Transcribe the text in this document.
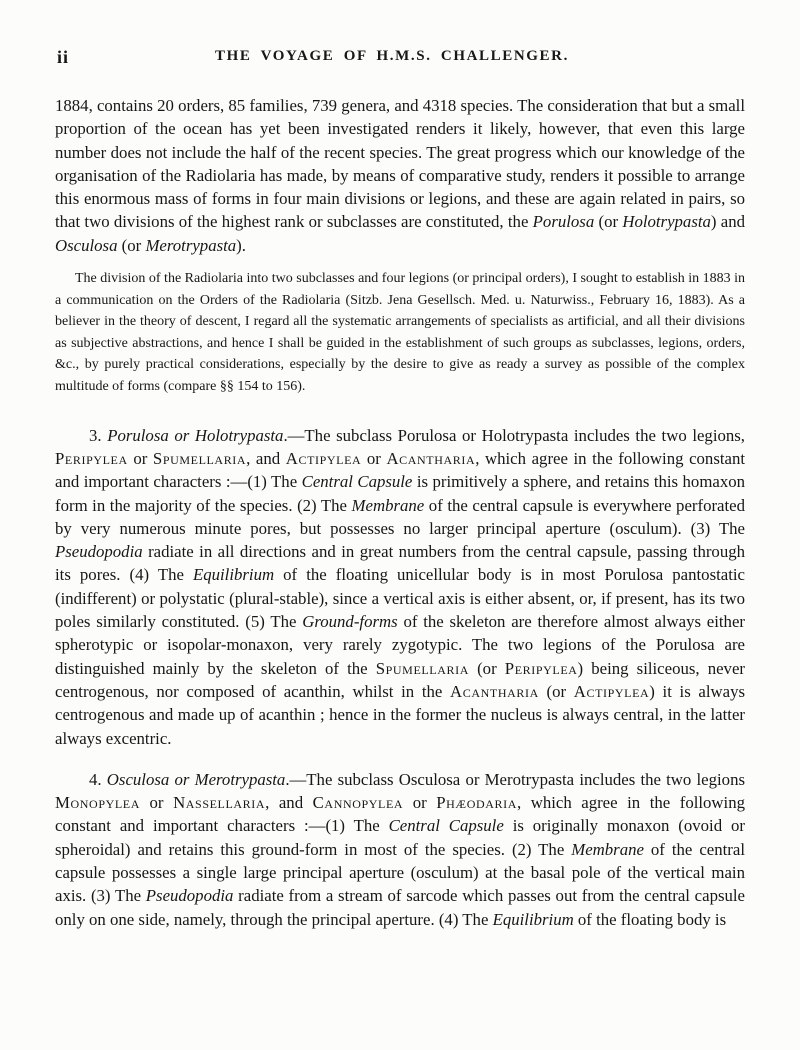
ii	THE VOYAGE OF H.M.S. CHALLENGER.

1884, contains 20 orders, 85 families, 739 genera, and 4318 species. The consideration that but a small proportion of the ocean has yet been investigated renders it likely, however, that even this large number does not include the half of the recent species. The great progress which our knowledge of the organisation of the Radiolaria has made, by means of comparative study, renders it possible to arrange this enormous mass of forms in four main divisions or legions, and these are again related in pairs, so that two divisions of the highest rank or subclasses are constituted, the Porulosa (or Holotrypasta) and Osculosa (or Merotrypasta).

The division of the Radiolaria into two subclasses and four legions (or principal orders), I sought to establish in 1883 in a communication on the Orders of the Radiolaria (Sitzb. Jena Gesellsch. Med. u. Naturwiss., February 16, 1883). As a believer in the theory of descent, I regard all the systematic arrangements of specialists as artificial, and all their divisions as subjective abstractions, and hence I shall be guided in the establishment of such groups as subclasses, legions, orders, &c., by purely practical considerations, especially by the desire to give as ready a survey as possible of the complex multitude of forms (compare §§ 154 to 156).

3. Porulosa or Holotrypasta.—The subclass Porulosa or Holotrypasta includes the two legions, Peripylea or Spumellaria, and Actipylea or Acantharia, which agree in the following constant and important characters :—(1) The Central Capsule is primitively a sphere, and retains this homaxon form in the majority of the species. (2) The Membrane of the central capsule is everywhere perforated by very numerous minute pores, but possesses no larger principal aperture (osculum). (3) The Pseudopodia radiate in all directions and in great numbers from the central capsule, passing through its pores. (4) The Equilibrium of the floating unicellular body is in most Porulosa pantostatic (indifferent) or polystatic (plural-stable), since a vertical axis is either absent, or, if present, has its two poles similarly constituted. (5) The Ground-forms of the skeleton are therefore almost always either spherotypic or isopolar-monaxon, very rarely zygotypic. The two legions of the Porulosa are distinguished mainly by the skeleton of the Spumellaria (or Peripylea) being siliceous, never centrogenous, nor composed of acanthin, whilst in the Acantharia (or Actipylea) it is always centrogenous and made up of acanthin ; hence in the former the nucleus is always central, in the latter always excentric.

4. Osculosa or Merotrypasta.—The subclass Osculosa or Merotrypasta includes the two legions Monopylea or Nassellaria, and Cannopylea or Phæodaria, which agree in the following constant and important characters :—(1) The Central Capsule is originally monaxon (ovoid or spheroidal) and retains this ground-form in most of the species. (2) The Membrane of the central capsule possesses a single large principal aperture (osculum) at the basal pole of the vertical main axis. (3) The Pseudopodia radiate from a stream of sarcode which passes out from the central capsule only on one side, namely, through the principal aperture. (4) The Equilibrium of the floating body is
